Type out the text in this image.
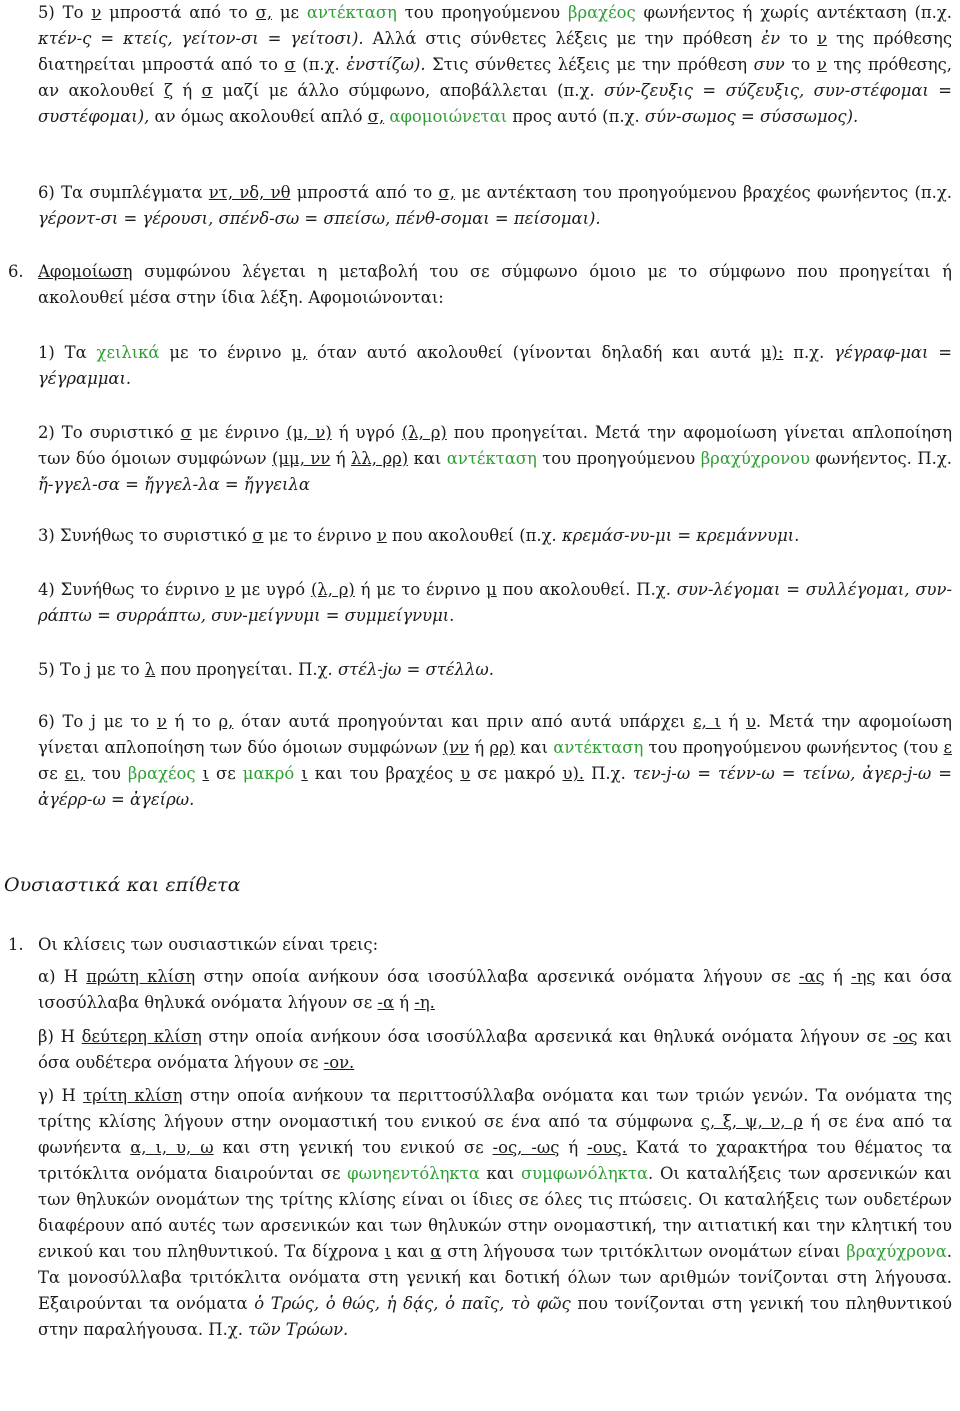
5) Το ν μπροστά από το σ, με αντέκταση του προηγούμενου βραχέος φωνήεντος ή χωρίς αντέκταση (π.χ. κτέν-ς = κτείς, γείτον-σι = γείτοσι). Αλλά στις σύνθετες λέξεις με την πρόθεση ἐν το ν της πρόθεσης διατηρείται μπροστά από το σ (π.χ. ἐνστίζω). Στις σύνθετες λέξεις με την πρόθεση συν το ν της πρόθεσης, αν ακολουθεί ζ ή σ μαζί με άλλο σύμφωνο, αποβάλλεται (π.χ. σύν-ζευξις = σύζευξις, συν-στέφομαι = συστέφομαι), αν όμως ακολουθεί απλό σ, αφομοιώνεται προς αυτό (π.χ. σύν-σωμος = σύσσωμος).

6) Τα συμπλέγματα ντ, νδ, νθ μπροστά από το σ, με αντέκταση του προηγούμενου βραχέος φωνήεντος (π.χ. γέροντ-σι = γέρουσι, σπένδ-σω = σπείσω, πένθ-σομαι = πείσομαι).

6. Αφομοίωση συμφώνου λέγεται η μεταβολή του σε σύμφωνο όμοιο με το σύμφωνο που προηγείται ή ακολουθεί μέσα στην ίδια λέξη. Αφομοιώνονται:

1) Τα χειλικά με το ένρινο μ, όταν αυτό ακολουθεί (γίνονται δηλαδή και αυτά μ): π.χ. γέγραφ-μαι = γέγραμμαι.

2) Το συριστικό σ με ένρινο (μ, ν) ή υγρό (λ, ρ) που προηγείται. Μετά την αφομοίωση γίνεται απλοποίηση των δύο όμοιων συμφώνων (μμ, νν ή λλ, ρρ) και αντέκταση του προηγούμενου βραχύχρονου φωνήεντος. Π.χ. ἤ-γγελ-σα = ἤγγελ-λα = ἤγγειλα

3) Συνήθως το συριστικό σ με το ένρινο ν που ακολουθεί (π.χ. κρεμάσ-νυ-μι = κρεμάννυμι.

4) Συνήθως το ένρινο ν με υγρό (λ, ρ) ή με το ένρινο μ που ακολουθεί. Π.χ. συν-λέγομαι = συλλέγομαι, συν-ράπτω = συρράπτω, συν-μείγνυμι = συμμείγνυμι.

5) Το j με το λ που προηγείται. Π.χ. στέλ-jω = στέλλω.

6) Το j με το ν ή το ρ, όταν αυτά προηγούνται και πριν από αυτά υπάρχει ε, ι ή υ. Μετά την αφομοίωση γίνεται απλοποίηση των δύο όμοιων συμφώνων (νν ή ρρ) και αντέκταση του προηγούμενου φωνήεντος (του ε σε ει, του βραχέος ι σε μακρό ι και του βραχέος υ σε μακρό υ). Π.χ. τεν-j-ω = τένν-ω = τείνω, ἀγερ-j-ω = ἀγέρρ-ω = ἀγείρω.

Ουσιαστικά και επίθετα
1. Οι κλίσεις των ουσιαστικών είναι τρεις:

α) Η πρώτη κλίση στην οποία ανήκουν όσα ισοσύλλαβα αρσενικά ονόματα λήγουν σε -ας ή -ης και όσα ισοσύλλαβα θηλυκά ονόματα λήγουν σε -α ή -η.

β) Η δεύτερη κλίση στην οποία ανήκουν όσα ισοσύλλαβα αρσενικά και θηλυκά ονόματα λήγουν σε -ος και όσα ουδέτερα ονόματα λήγουν σε -ον.

γ) Η τρίτη κλίση στην οποία ανήκουν τα περιττοσύλλαβα ονόματα και των τριών γενών. Τα ονόματα της τρίτης κλίσης λήγουν στην ονομαστική του ενικού σε ένα από τα σύμφωνα ς, ξ, ψ, ν, ρ ή σε ένα από τα φωνήεντα α, ι, υ, ω και στη γενική του ενικού σε -ος, -ως ή -ους. Κατά το χαρακτήρα του θέματος τα τριτόκλιτα ονόματα διαιρούνται σε φωνηεντόληκτα και συμφωνόληκτα. Οι καταλήξεις των αρσενικών και των θηλυκών ονομάτων της τρίτης κλίσης είναι οι ίδιες σε όλες τις πτώσεις. Οι καταλήξεις των ουδετέρων διαφέρουν από αυτές των αρσενικών και των θηλυκών στην ονομαστική, την αιτιατική και την κλητική του ενικού και του πληθυντικού. Τα δίχρονα ι και α στη λήγουσα των τριτόκλιτων ονομάτων είναι βραχύχρονα. Τα μονοσύλλαβα τριτόκλιτα ονόματα στη γενική και δοτική όλων των αριθμών τονίζονται στη λήγουσα. Εξαιρούνται τα ονόματα ὁ Τρώς, ὁ θώς, ἡ δᾴς, ὁ παῖς, τὸ φῶς που τονίζονται στη γενική του πληθυντικού στην παραλήγουσα. Π.χ. τῶν Τρώων.
